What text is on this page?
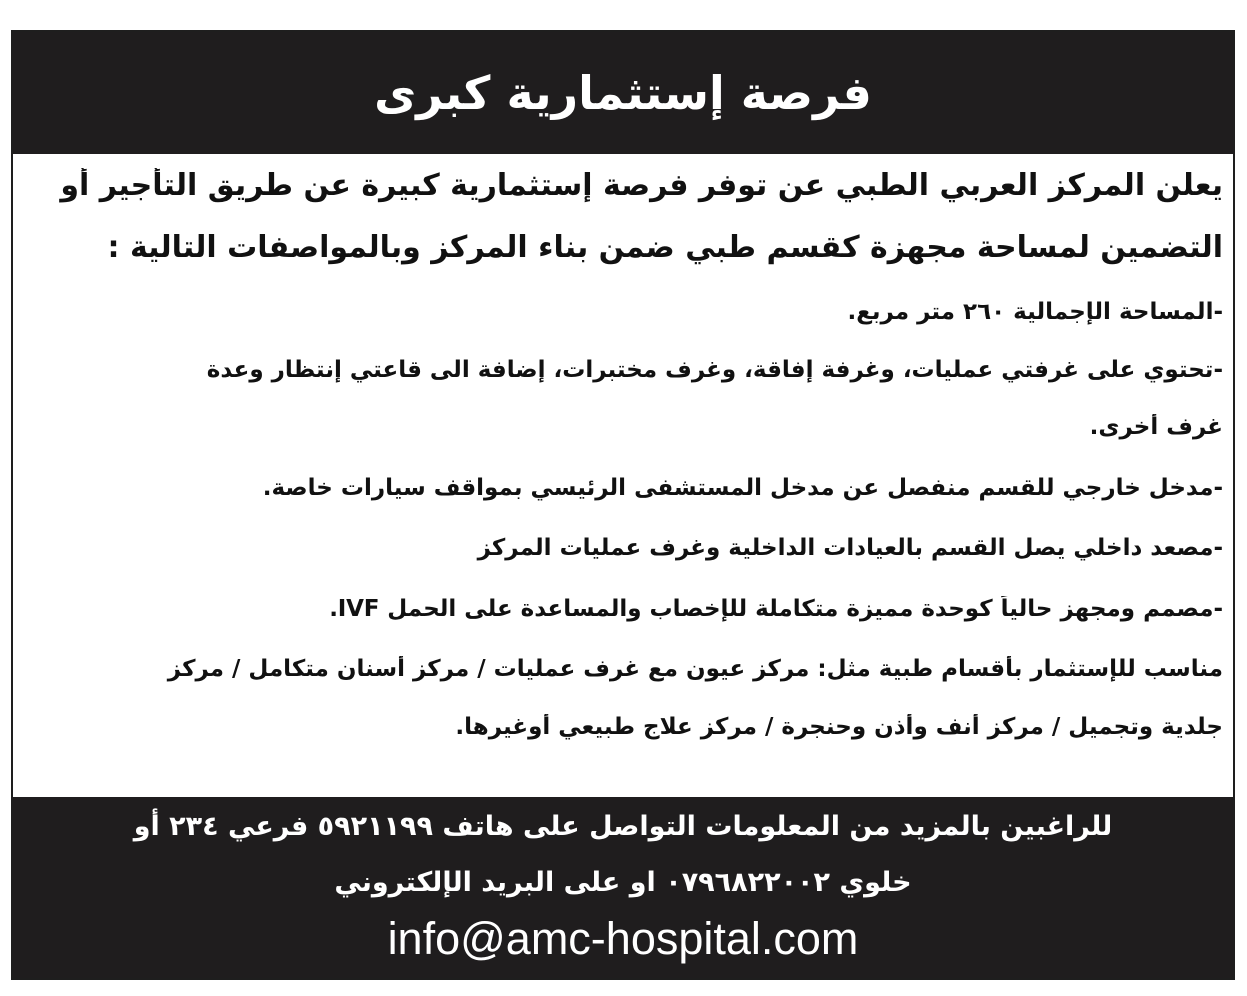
فرصة إستثمارية كبرى
يعلن المركز العربي الطبي عن توفر فرصة إستثمارية كبيرة عن طريق التأجير أو
التضمين لمساحة مجهزة كقسم طبي ضمن بناء المركز وبالمواصفات التالية :
-المساحة الإجمالية ٢٦٠ متر مربع.
-تحتوي على غرفتي عمليات، وغرفة إفاقة، وغرف مختبرات، إضافة الى قاعتي إنتظار وعدة
غرف أخرى.
-مدخل خارجي للقسم منفصل عن مدخل المستشفى الرئيسي بمواقف سيارات خاصة.
-مصعد داخلي يصل القسم بالعيادات الداخلية وغرف عمليات المركز
-مصمم ومجهز حالياً كوحدة مميزة متكاملة للإخصاب والمساعدة على الحمل IVF.
مناسب للإستثمار بأقسام طبية مثل: مركز عيون مع غرف عمليات / مركز أسنان متكامل / مركز
جلدية وتجميل / مركز أنف وأذن وحنجرة / مركز علاج طبيعي أوغيرها.
للراغبين بالمزيد من المعلومات التواصل على هاتف ٥٩٢١١٩٩ فرعي ٢٣٤ أو
خلوي ٠٧٩٦٨٢٢٠٠٢ او على البريد الإلكتروني
info@amc-hospital.com
